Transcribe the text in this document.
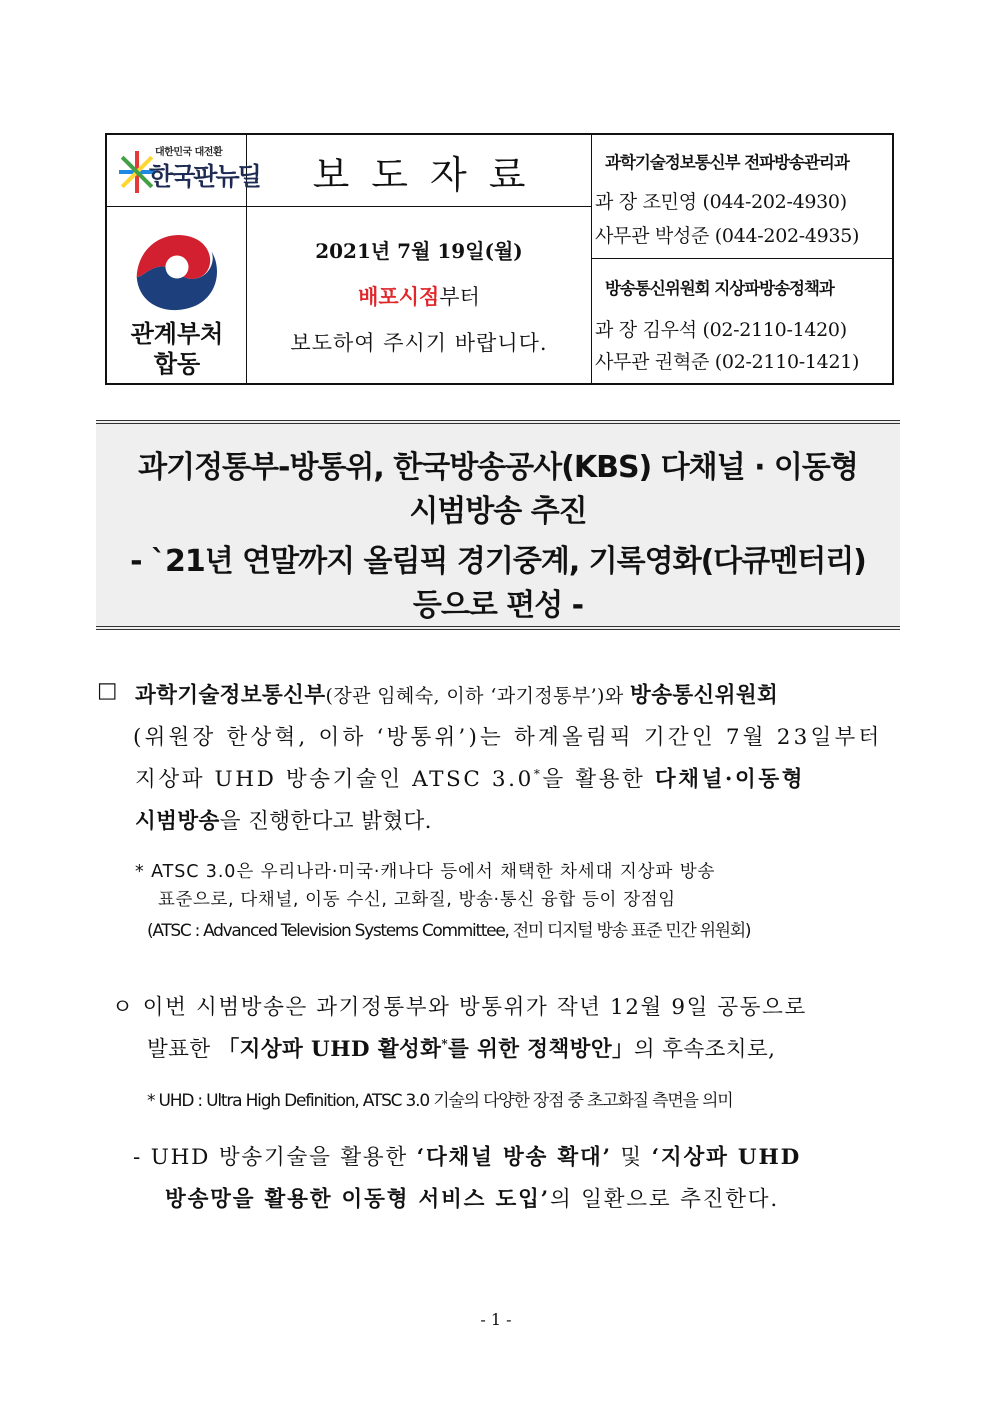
대한민국 대전환
한국판뉴딜
관계부처
합동
보도자료
2021년 7월 19일(월)
배포시점부터
보도하여 주시기 바랍니다.
과학기술정보통신부 전파방송관리과
과 장 조민영 (044-202-4930)
사무관 박성준 (044-202-4935)
방송통신위원회 지상파방송정책과
과 장 김우석 (02-2110-1420)
사무관 권혁준 (02-2110-1421)
과기정통부-방통위, 한국방송공사(KBS) 다채널 · 이동형
시범방송 추진
- `21년 연말까지 올림픽 경기중계, 기록영화(다큐멘터리)
등으로 편성 -
□ 과학기술정보통신부(장관 임혜숙, 이하 ‘과기정통부’)와 방송통신위원회
(위원장 한상혁, 이하 ‘방통위’)는 하계올림픽 기간인 7월 23일부터
지상파 UHD 방송기술인 ATSC 3.0*을 활용한 다채널·이동형
시범방송을 진행한다고 밝혔다.
* ATSC 3.0은 우리나라·미국·캐나다 등에서 채택한 차세대 지상파 방송
표준으로, 다채널, 이동 수신, 고화질, 방송·통신 융합 등이 장점임
(ATSC : Advanced Television Systems Committee, 전미 디지털 방송 표준 민간 위원회)
ㅇ 이번 시범방송은 과기정통부와 방통위가 작년 12월 9일 공동으로
발표한 「지상파 UHD 활성화*를 위한 정책방안」의 후속조치로,
* UHD : Ultra High Definition, ATSC 3.0 기술의 다양한 장점 중 초고화질 측면을 의미
- UHD 방송기술을 활용한 ‘다채널 방송 확대’ 및 ‘지상파 UHD
방송망을 활용한 이동형 서비스 도입’의 일환으로 추진한다.
- 1 -
